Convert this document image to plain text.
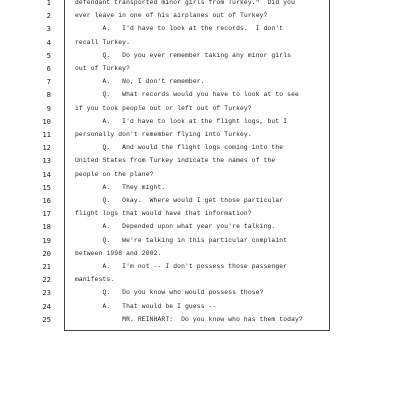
1	defendant transported minor girls from Turkey."  Did you
2	ever leave in one of his airplanes out of Turkey?
3	A.   I'd have to look at the records.  I don't
4	recall Turkey.
5	Q.   Do you ever remember taking any minor girls
6	out of Turkey?
7	A.   No, I don't remember.
8	Q.   What records would you have to look at to see
9	if you took people out or left out of Turkey?
10	A.   I'd have to look at the flight logs, but I
11	personally don't remember flying into Turkey.
12	Q.   And would the flight logs coming into the
13	United States from Turkey indicate the names of the
14	people on the plane?
15	A.   They might.
16	Q.   Okay.  Where would I get those particular
17	flight logs that would have that information?
18	A.   Depended upon what year you're talking.
19	Q.   We're talking in this particular complaint
20	between 1998 and 2002.
21	A.   I'm not -- I don't possess those passenger
22	manifests.
23	Q.   Do you know who would possess those?
24	A.   That would be I guess --
25	MR. REINHART:  Do you know who has them today?
